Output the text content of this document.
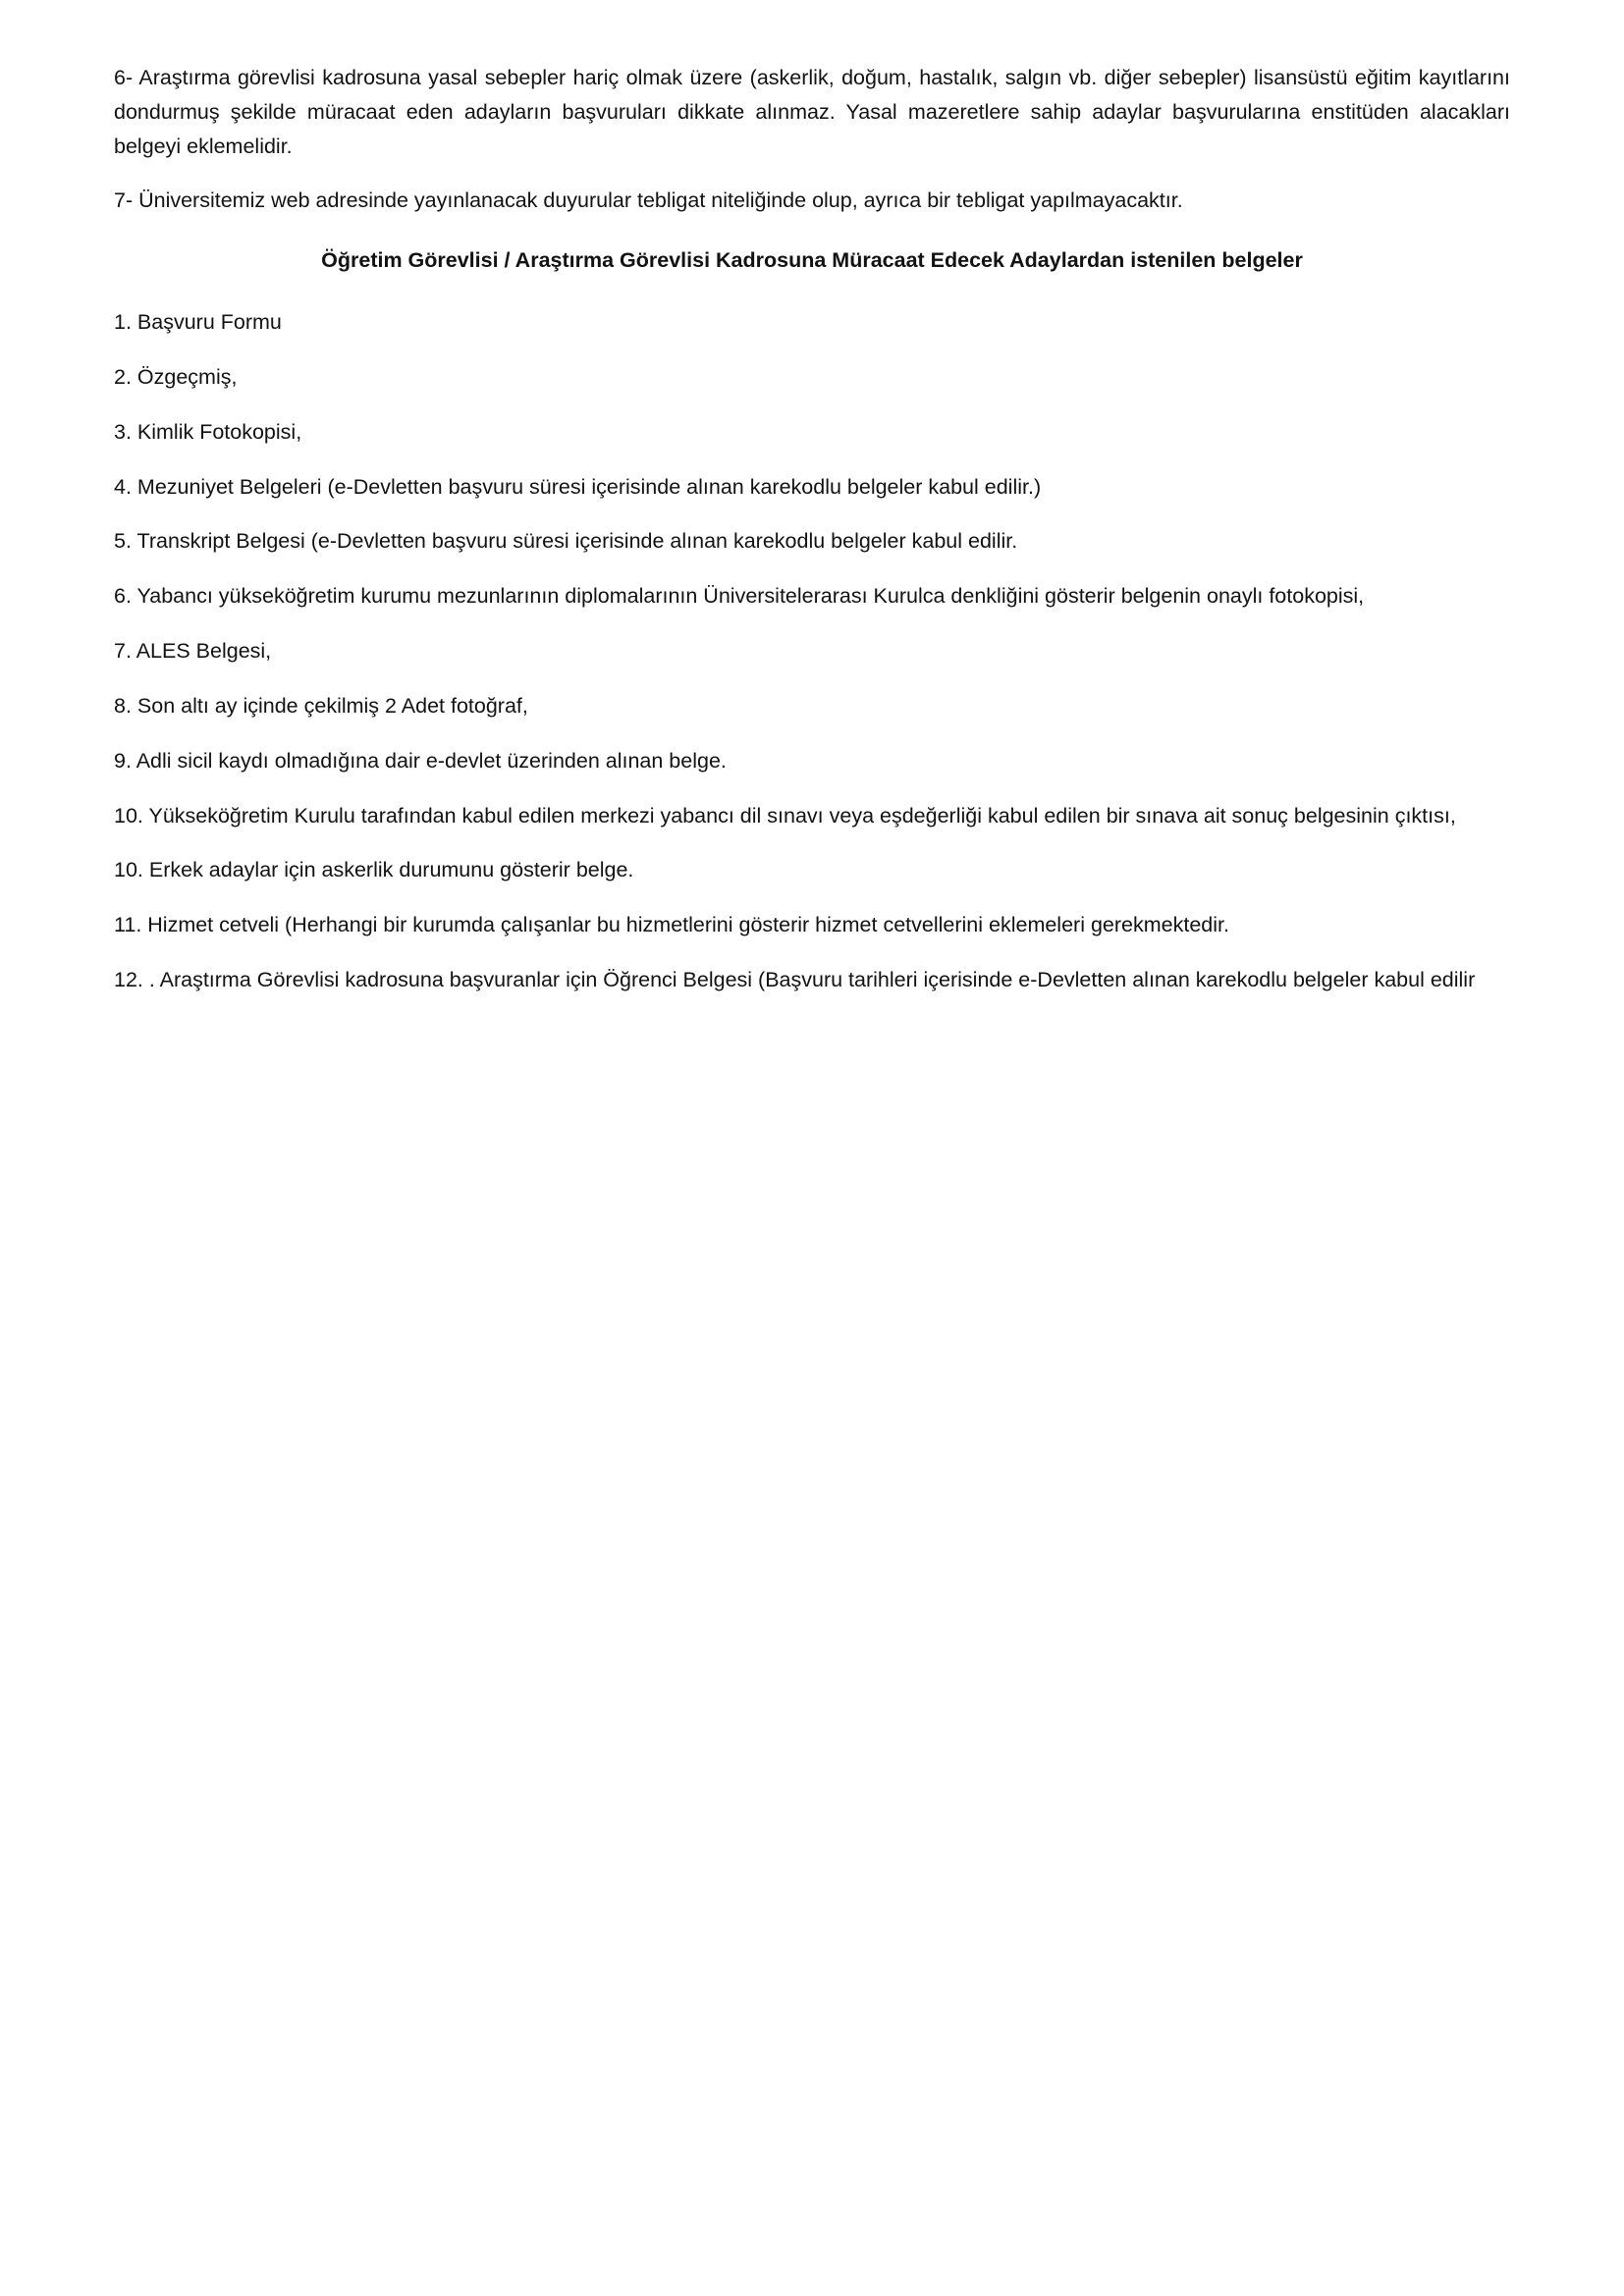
6- Araştırma görevlisi kadrosuna yasal sebepler hariç olmak üzere (askerlik, doğum, hastalık, salgın vb. diğer sebepler) lisansüstü eğitim kayıtlarını dondurmuş şekilde müracaat eden adayların başvuruları dikkate alınmaz. Yasal mazeretlere sahip adaylar başvurularına enstitüden alacakları belgeyi eklemelidir.

7- Üniversitemiz web adresinde yayınlanacak duyurular tebligat niteliğinde olup, ayrıca bir tebligat yapılmayacaktır.

Öğretim Görevlisi / Araştırma Görevlisi Kadrosuna Müracaat Edecek Adaylardan istenilen belgeler

1. Başvuru Formu

2. Özgeçmiş,

3. Kimlik Fotokopisi,

4. Mezuniyet Belgeleri (e-Devletten başvuru süresi içerisinde alınan karekodlu belgeler kabul edilir.)

5. Transkript Belgesi (e-Devletten başvuru süresi içerisinde alınan karekodlu belgeler kabul edilir.

6. Yabancı yükseköğretim kurumu mezunlarının diplomalarının Üniversitelerarası Kurulca denkliğini gösterir belgenin onaylı fotokopisi,

7. ALES Belgesi,

8. Son altı ay içinde çekilmiş 2 Adet fotoğraf,

9. Adli sicil kaydı olmadığına dair e-devlet üzerinden alınan belge.

10. Yükseköğretim Kurulu tarafından kabul edilen merkezi yabancı dil sınavı veya eşdeğerliği kabul edilen bir sınava ait sonuç belgesinin çıktısı,

10. Erkek adaylar için askerlik durumunu gösterir belge.

11. Hizmet cetveli (Herhangi bir kurumda çalışanlar bu hizmetlerini gösterir hizmet cetvellerini eklemeleri gerekmektedir.

12. . Araştırma Görevlisi kadrosuna başvuranlar için Öğrenci Belgesi (Başvuru tarihleri içerisinde e-Devletten alınan karekodlu belgeler kabul edilir
